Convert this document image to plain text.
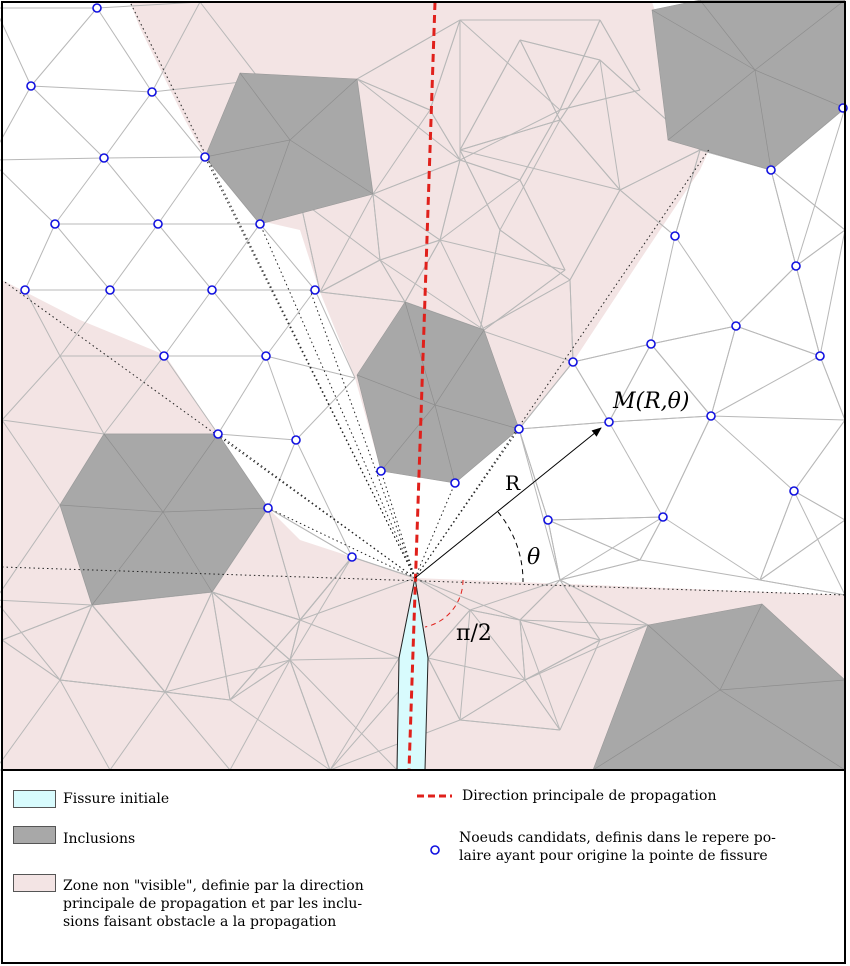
M(R,θ)
R
θ
π/2
Fissure initiale
Inclusions
Zone non "visible", definie par la direction
principale de propagation et par les inclu-
sions faisant obstacle a la propagation
Direction principale de propagation
Noeuds candidats, definis dans le repere po-
laire ayant pour origine la pointe de fissure
